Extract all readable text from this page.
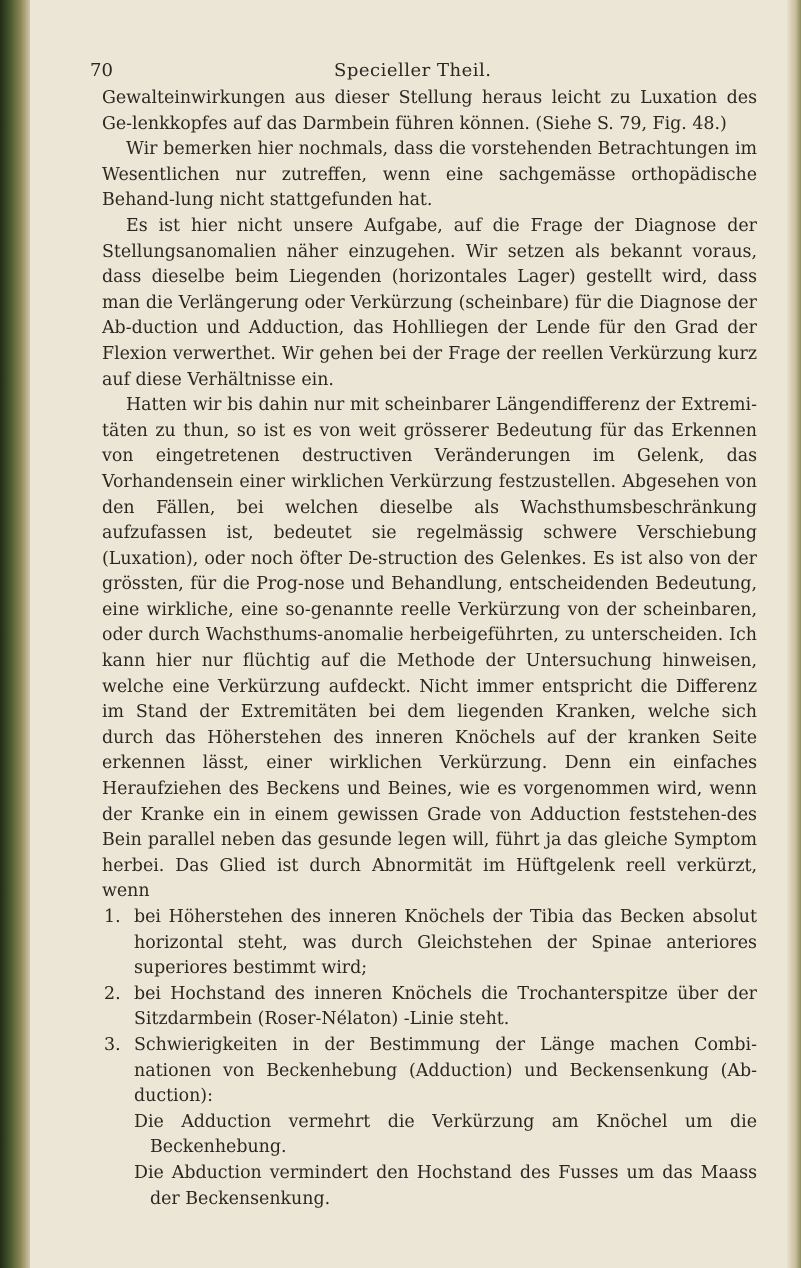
70	Specieller Theil.

Gewalteinwirkungen aus dieser Stellung heraus leicht zu Luxation des Ge-lenkkopfes auf das Darmbein führen können. (Siehe S. 79, Fig. 48.)

Wir bemerken hier nochmals, dass die vorstehenden Betrachtungen im Wesentlichen nur zutreffen, wenn eine sachgemässe orthopädische Behand-lung nicht stattgefunden hat.

Es ist hier nicht unsere Aufgabe, auf die Frage der Diagnose der Stellungsanomalien näher einzugehen. Wir setzen als bekannt voraus, dass dieselbe beim Liegenden (horizontales Lager) gestellt wird, dass man die Verlängerung oder Verkürzung (scheinbare) für die Diagnose der Ab-duction und Adduction, das Hohlliegen der Lende für den Grad der Flexion verwerthet. Wir gehen bei der Frage der reellen Verkürzung kurz auf diese Verhältnisse ein.

Hatten wir bis dahin nur mit scheinbarer Längendifferenz der Extremi-täten zu thun, so ist es von weit grösserer Bedeutung für das Erkennen von eingetretenen destructiven Veränderungen im Gelenk, das Vorhandensein einer wirklichen Verkürzung festzustellen. Abgesehen von den Fällen, bei welchen dieselbe als Wachsthumsbeschränkung aufzufassen ist, bedeutet sie regelmässig schwere Verschiebung (Luxation), oder noch öfter De-struction des Gelenkes. Es ist also von der grössten, für die Prog-nose und Behandlung, entscheidenden Bedeutung, eine wirkliche, eine so-genannte reelle Verkürzung von der scheinbaren, oder durch Wachsthums-anomalie herbeigeführten, zu unterscheiden. Ich kann hier nur flüchtig auf die Methode der Untersuchung hinweisen, welche eine Verkürzung aufdeckt. Nicht immer entspricht die Differenz im Stand der Extremitäten bei dem liegenden Kranken, welche sich durch das Höherstehen des inneren Knöchels auf der kranken Seite erkennen lässt, einer wirklichen Verkürzung. Denn ein einfaches Heraufziehen des Beckens und Beines, wie es vorgenommen wird, wenn der Kranke ein in einem gewissen Grade von Adduction feststehen-des Bein parallel neben das gesunde legen will, führt ja das gleiche Symptom herbei. Das Glied ist durch Abnormität im Hüftgelenk reell verkürzt, wenn

1. bei Höherstehen des inneren Knöchels der Tibia das Becken absolut horizontal steht, was durch Gleichstehen der Spinae anteriores superiores bestimmt wird;
2. bei Hochstand des inneren Knöchels die Trochanterspitze über der Sitzdarmbein (Roser-Nélaton) -Linie steht.
3. Schwierigkeiten in der Bestimmung der Länge machen Combi-nationen von Beckenhebung (Adduction) und Beckensenkung (Ab-duction):

Die Adduction vermehrt die Verkürzung am Knöchel um die Beckenhebung.

Die Abduction vermindert den Hochstand des Fusses um das Maass der Beckensenkung.
